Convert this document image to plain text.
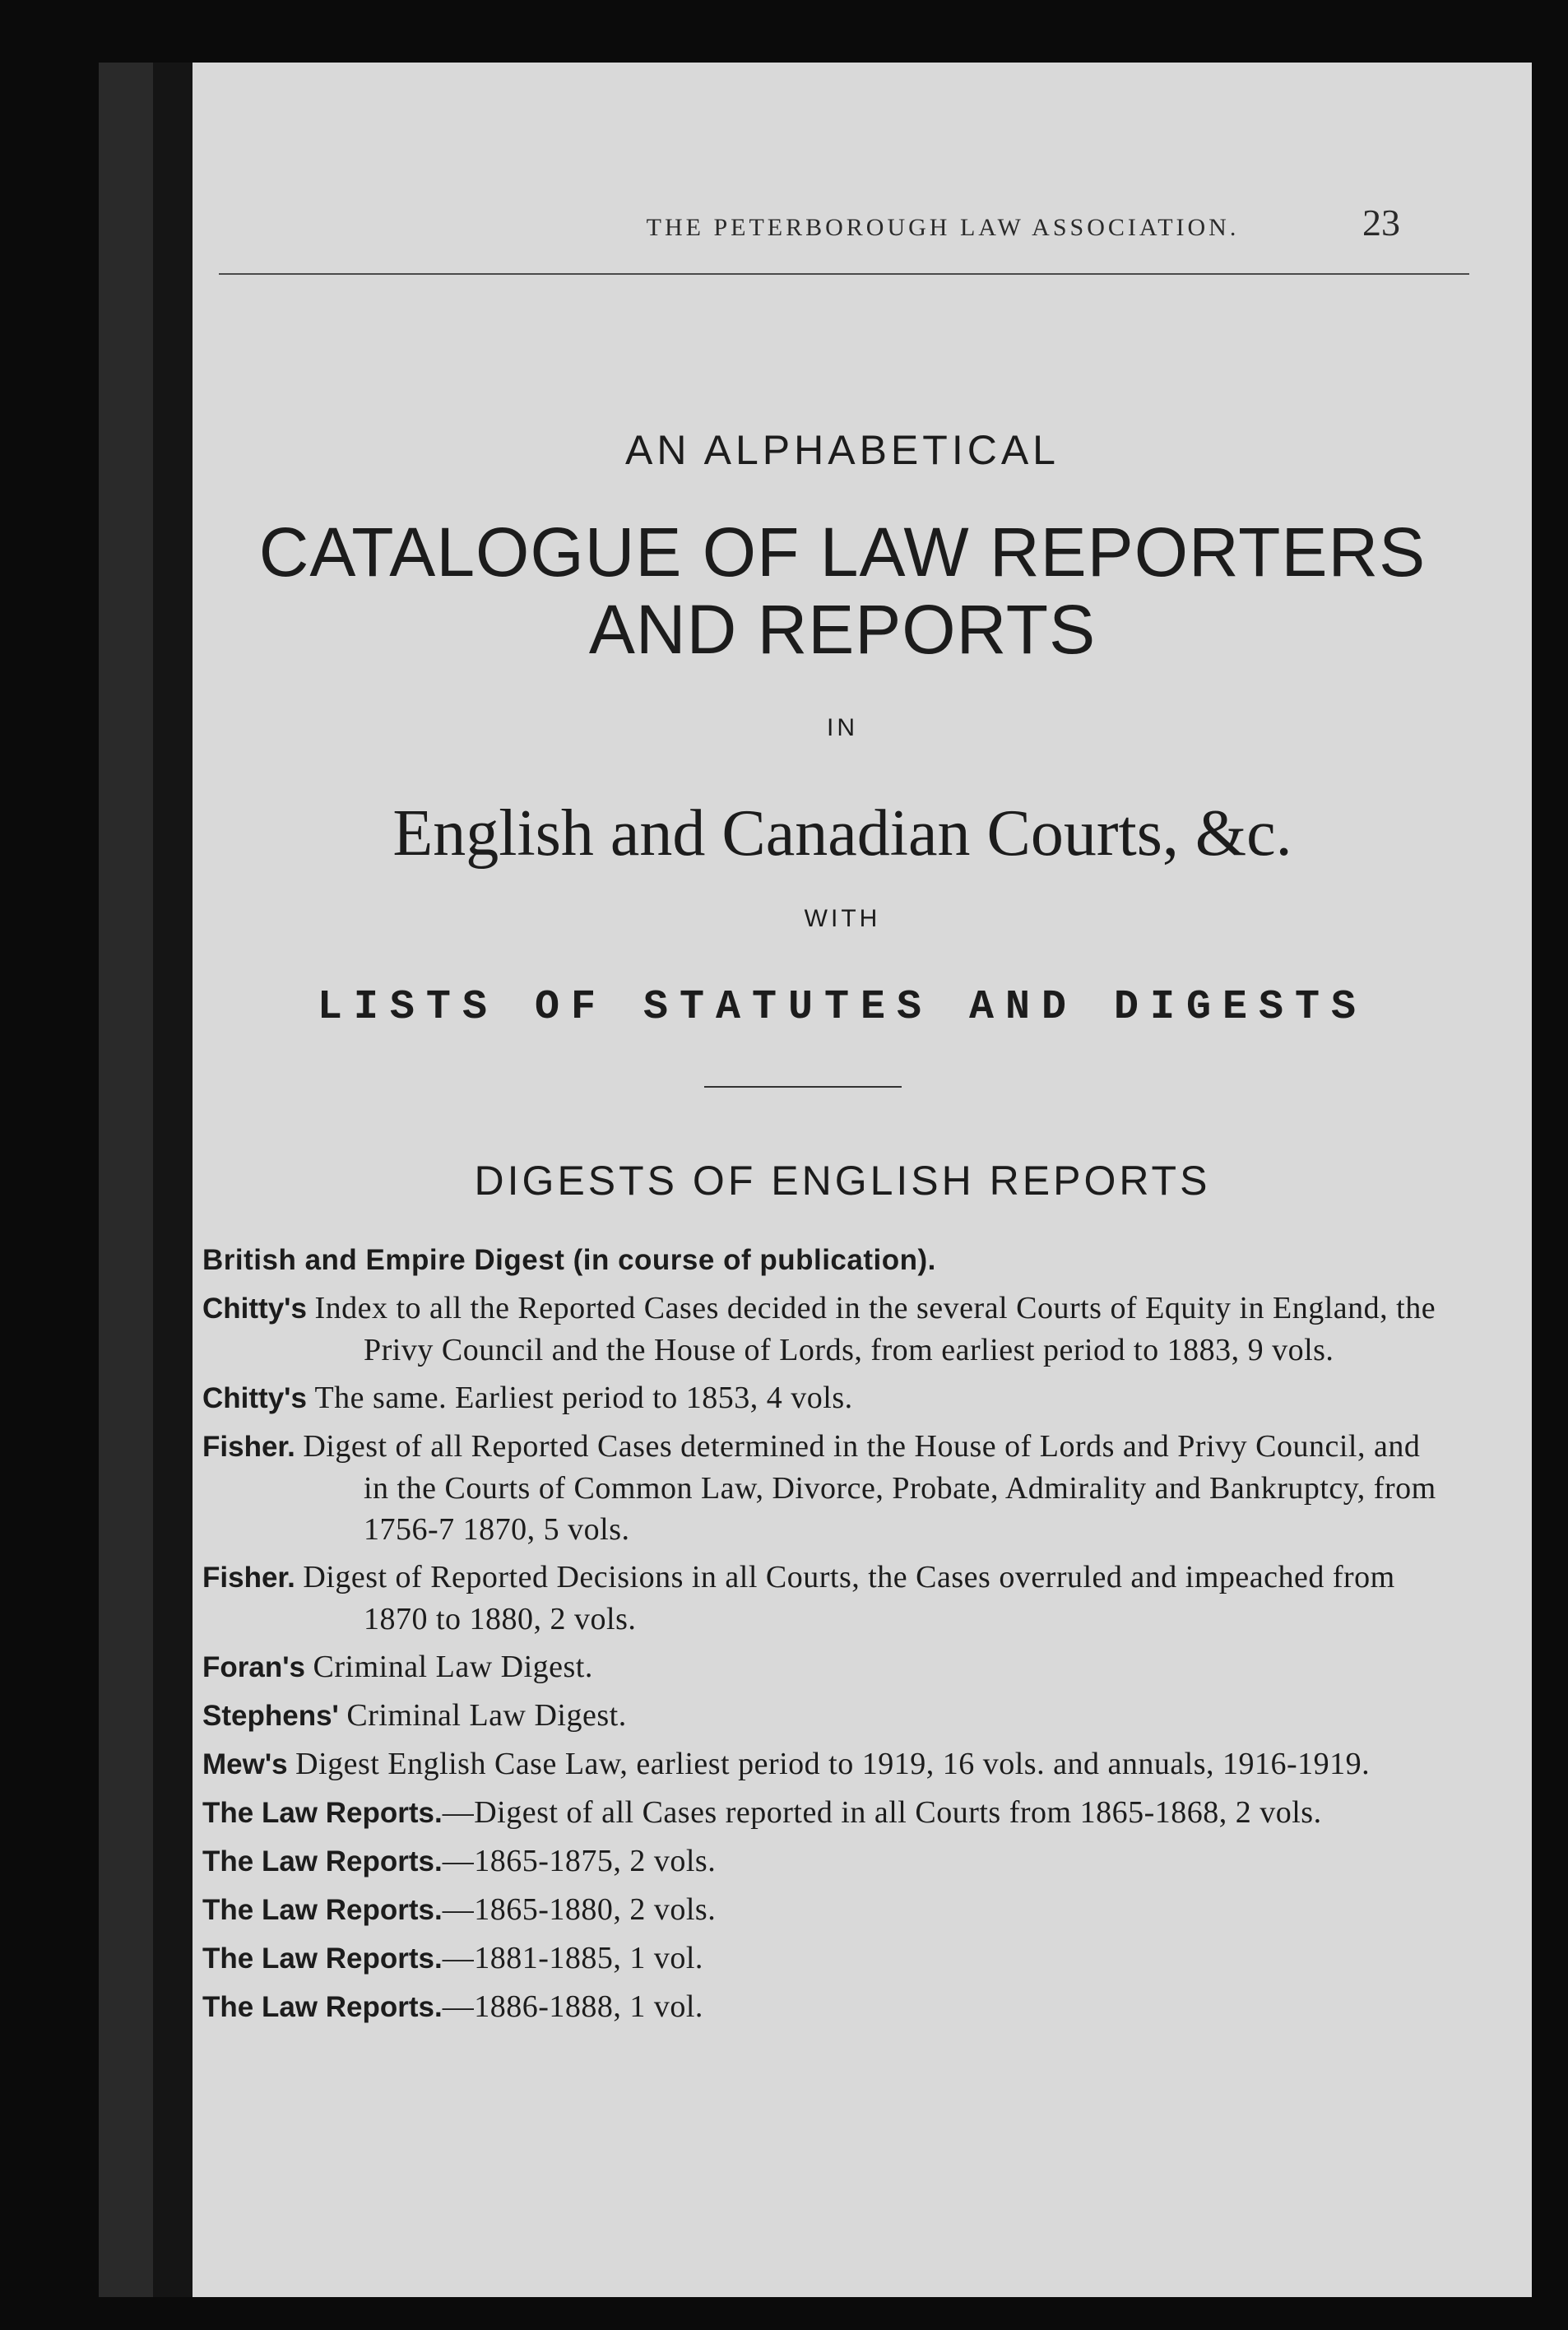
THE PETERBOROUGH LAW ASSOCIATION.	23
AN ALPHABETICAL
CATALOGUE OF LAW REPORTERS
AND REPORTS
IN
English and Canadian Courts, &c.
WITH
LISTS OF STATUTES AND DIGESTS
DIGESTS OF ENGLISH REPORTS
British and Empire Digest (in course of publication).
Chitty's Index to all the Reported Cases decided in the several Courts of Equity in England, the Privy Council and the House of Lords, from earliest period to 1883, 9 vols.
Chitty's The same. Earliest period to 1853, 4 vols.
Fisher. Digest of all Reported Cases determined in the House of Lords and Privy Council, and in the Courts of Common Law, Divorce, Probate, Admirality and Bankruptcy, from 1756-7 1870, 5 vols.
Fisher. Digest of Reported Decisions in all Courts, the Cases overruled and impeached from 1870 to 1880, 2 vols.
Foran's Criminal Law Digest.
Stephens' Criminal Law Digest.
Mew's Digest English Case Law, earliest period to 1919, 16 vols. and annuals, 1916-1919.
The Law Reports.—Digest of all Cases reported in all Courts from 1865-1868, 2 vols.
The Law Reports.—1865-1875, 2 vols.
The Law Reports.—1865-1880, 2 vols.
The Law Reports.—1881-1885, 1 vol.
The Law Reports.—1886-1888, 1 vol.
